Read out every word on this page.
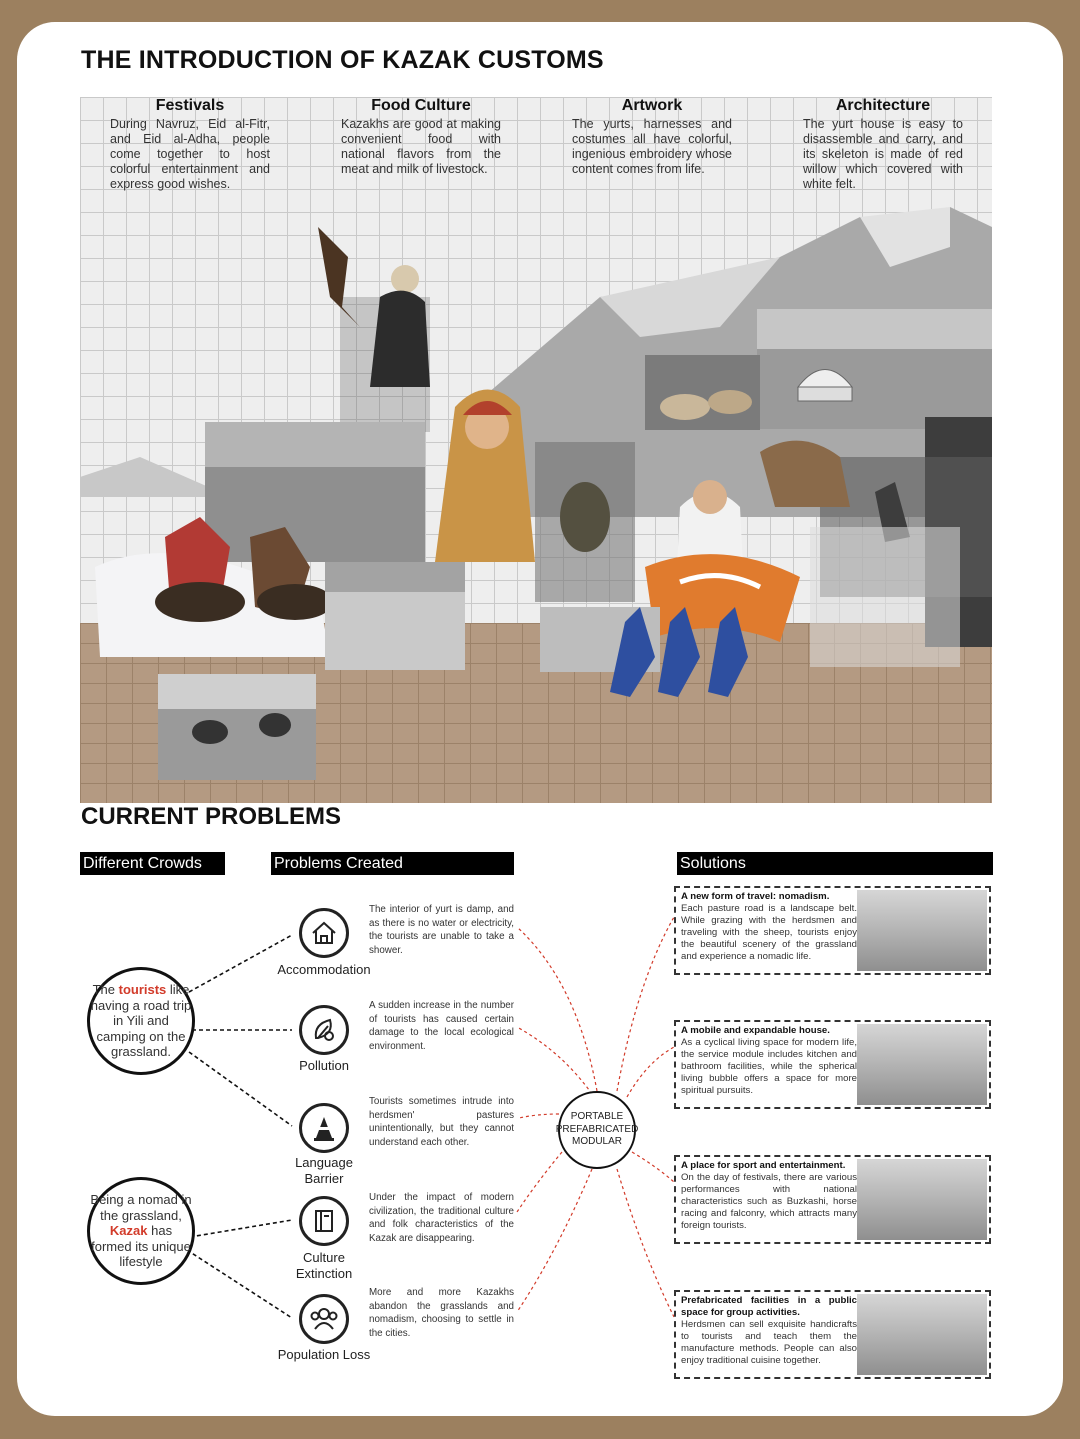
THE INTRODUCTION OF KAZAK CUSTOMS
Festivals
During Navruz, Eid al-Fitr, and Eid al-Adha, people come together to host colorful entertainment and express good wishes.
Food Culture
Kazakhs are good at making convenient food with national flavors from the meat and milk of livestock.
Artwork
The yurts, harnesses and costumes all have colorful, ingenious embroidery whose content comes from life.
Architecture
The yurt house is easy to disassemble and carry, and its skeleton is made of red willow which covered with white felt.
CURRENT PROBLEMS
Different Crowds	Problems Created	Solutions
The tourists like having a road trip in Yili and camping on the grassland.
Being a nomad in the grassland, Kazak has formed its unique lifestyle
Accommodation
Pollution
Language Barrier
Culture Extinction
Population Loss
The interior of yurt is damp, and as there is no water or electricity, the tourists are unable to take a shower.
A sudden increase in the number of tourists has caused certain damage to the local ecological environment.
Tourists sometimes intrude into herdsmen' pastures unintentionally, but they cannot understand each other.
Under the impact of modern civilization, the traditional culture and folk characteristics of the Kazak are disappearing.
More and more Kazakhs abandon the grasslands and nomadism, choosing to settle in the cities.
PORTABLE PREFABRICATED MODULAR
A new form of travel: nomadism.
Each pasture road is a landscape belt. While grazing with the herdsmen and traveling with the sheep, tourists enjoy the beautiful scenery of the grassland and experience a nomadic life.
A mobile and expandable house.
As a cyclical living space for modern life, the service module includes kitchen and bathroom facilities, while the spherical living bubble offers a space for more spiritual pursuits.
A place for sport and entertainment.
On the day of festivals, there are various performances with national characteristics such as Buzkashi, horse racing and falconry, which attracts many foreign tourists.
Prefabricated facilities in a public space for group activities.
Herdsmen can sell exquisite handicrafts to tourists and teach them the manufacture methods. People can also enjoy traditional cuisine together.
